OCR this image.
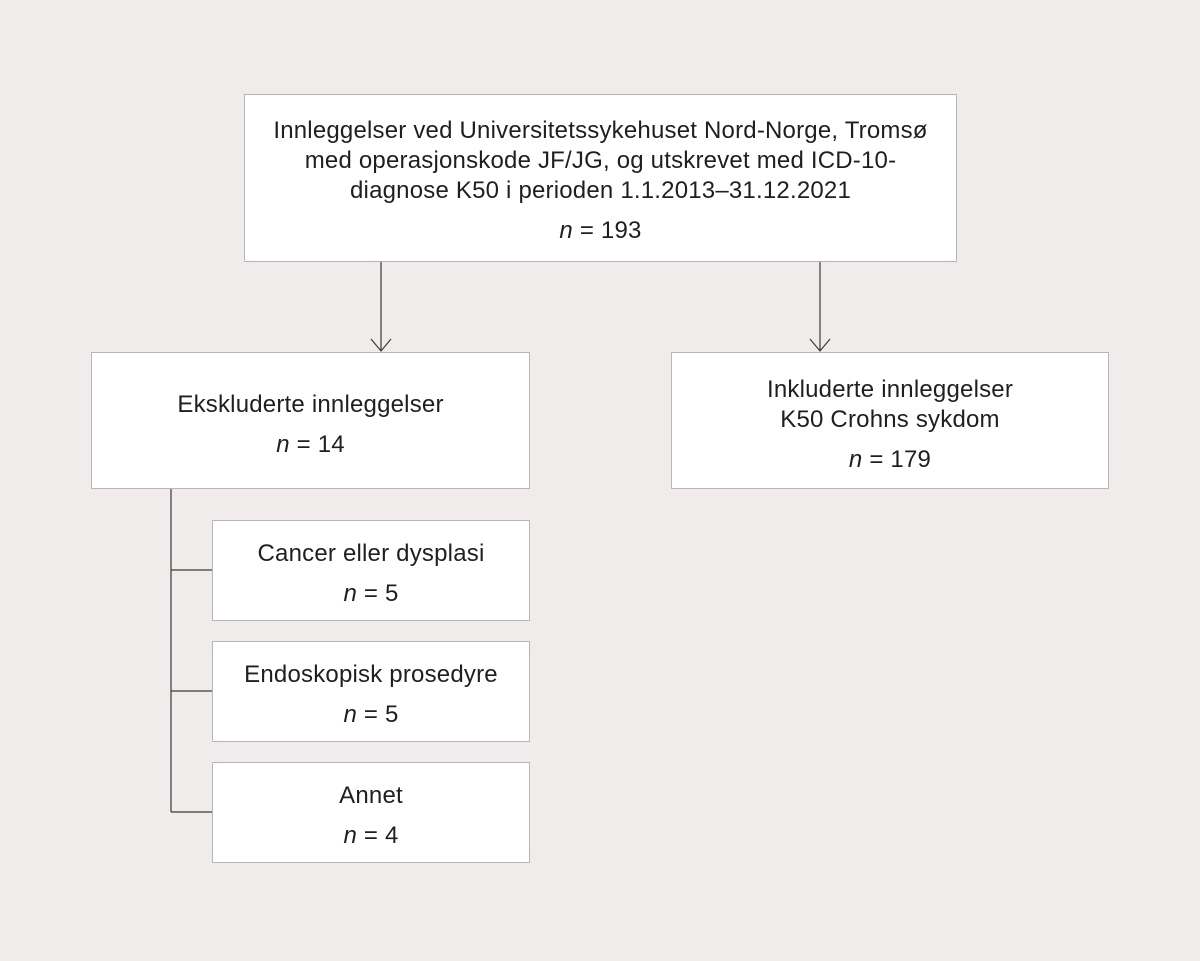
Innleggelser ved Universitetssykehuset Nord-Norge, Tromsø
med operasjonskode JF/JG, og utskrevet med ICD-10-
diagnose K50 i perioden 1.1.2013–31.12.2021
n = 193
Ekskluderte innleggelser
n = 14
Inkluderte innleggelser
K50 Crohns sykdom
n = 179
Cancer eller dysplasi
n = 5
Endoskopisk prosedyre
n = 5
Annet
n = 4
